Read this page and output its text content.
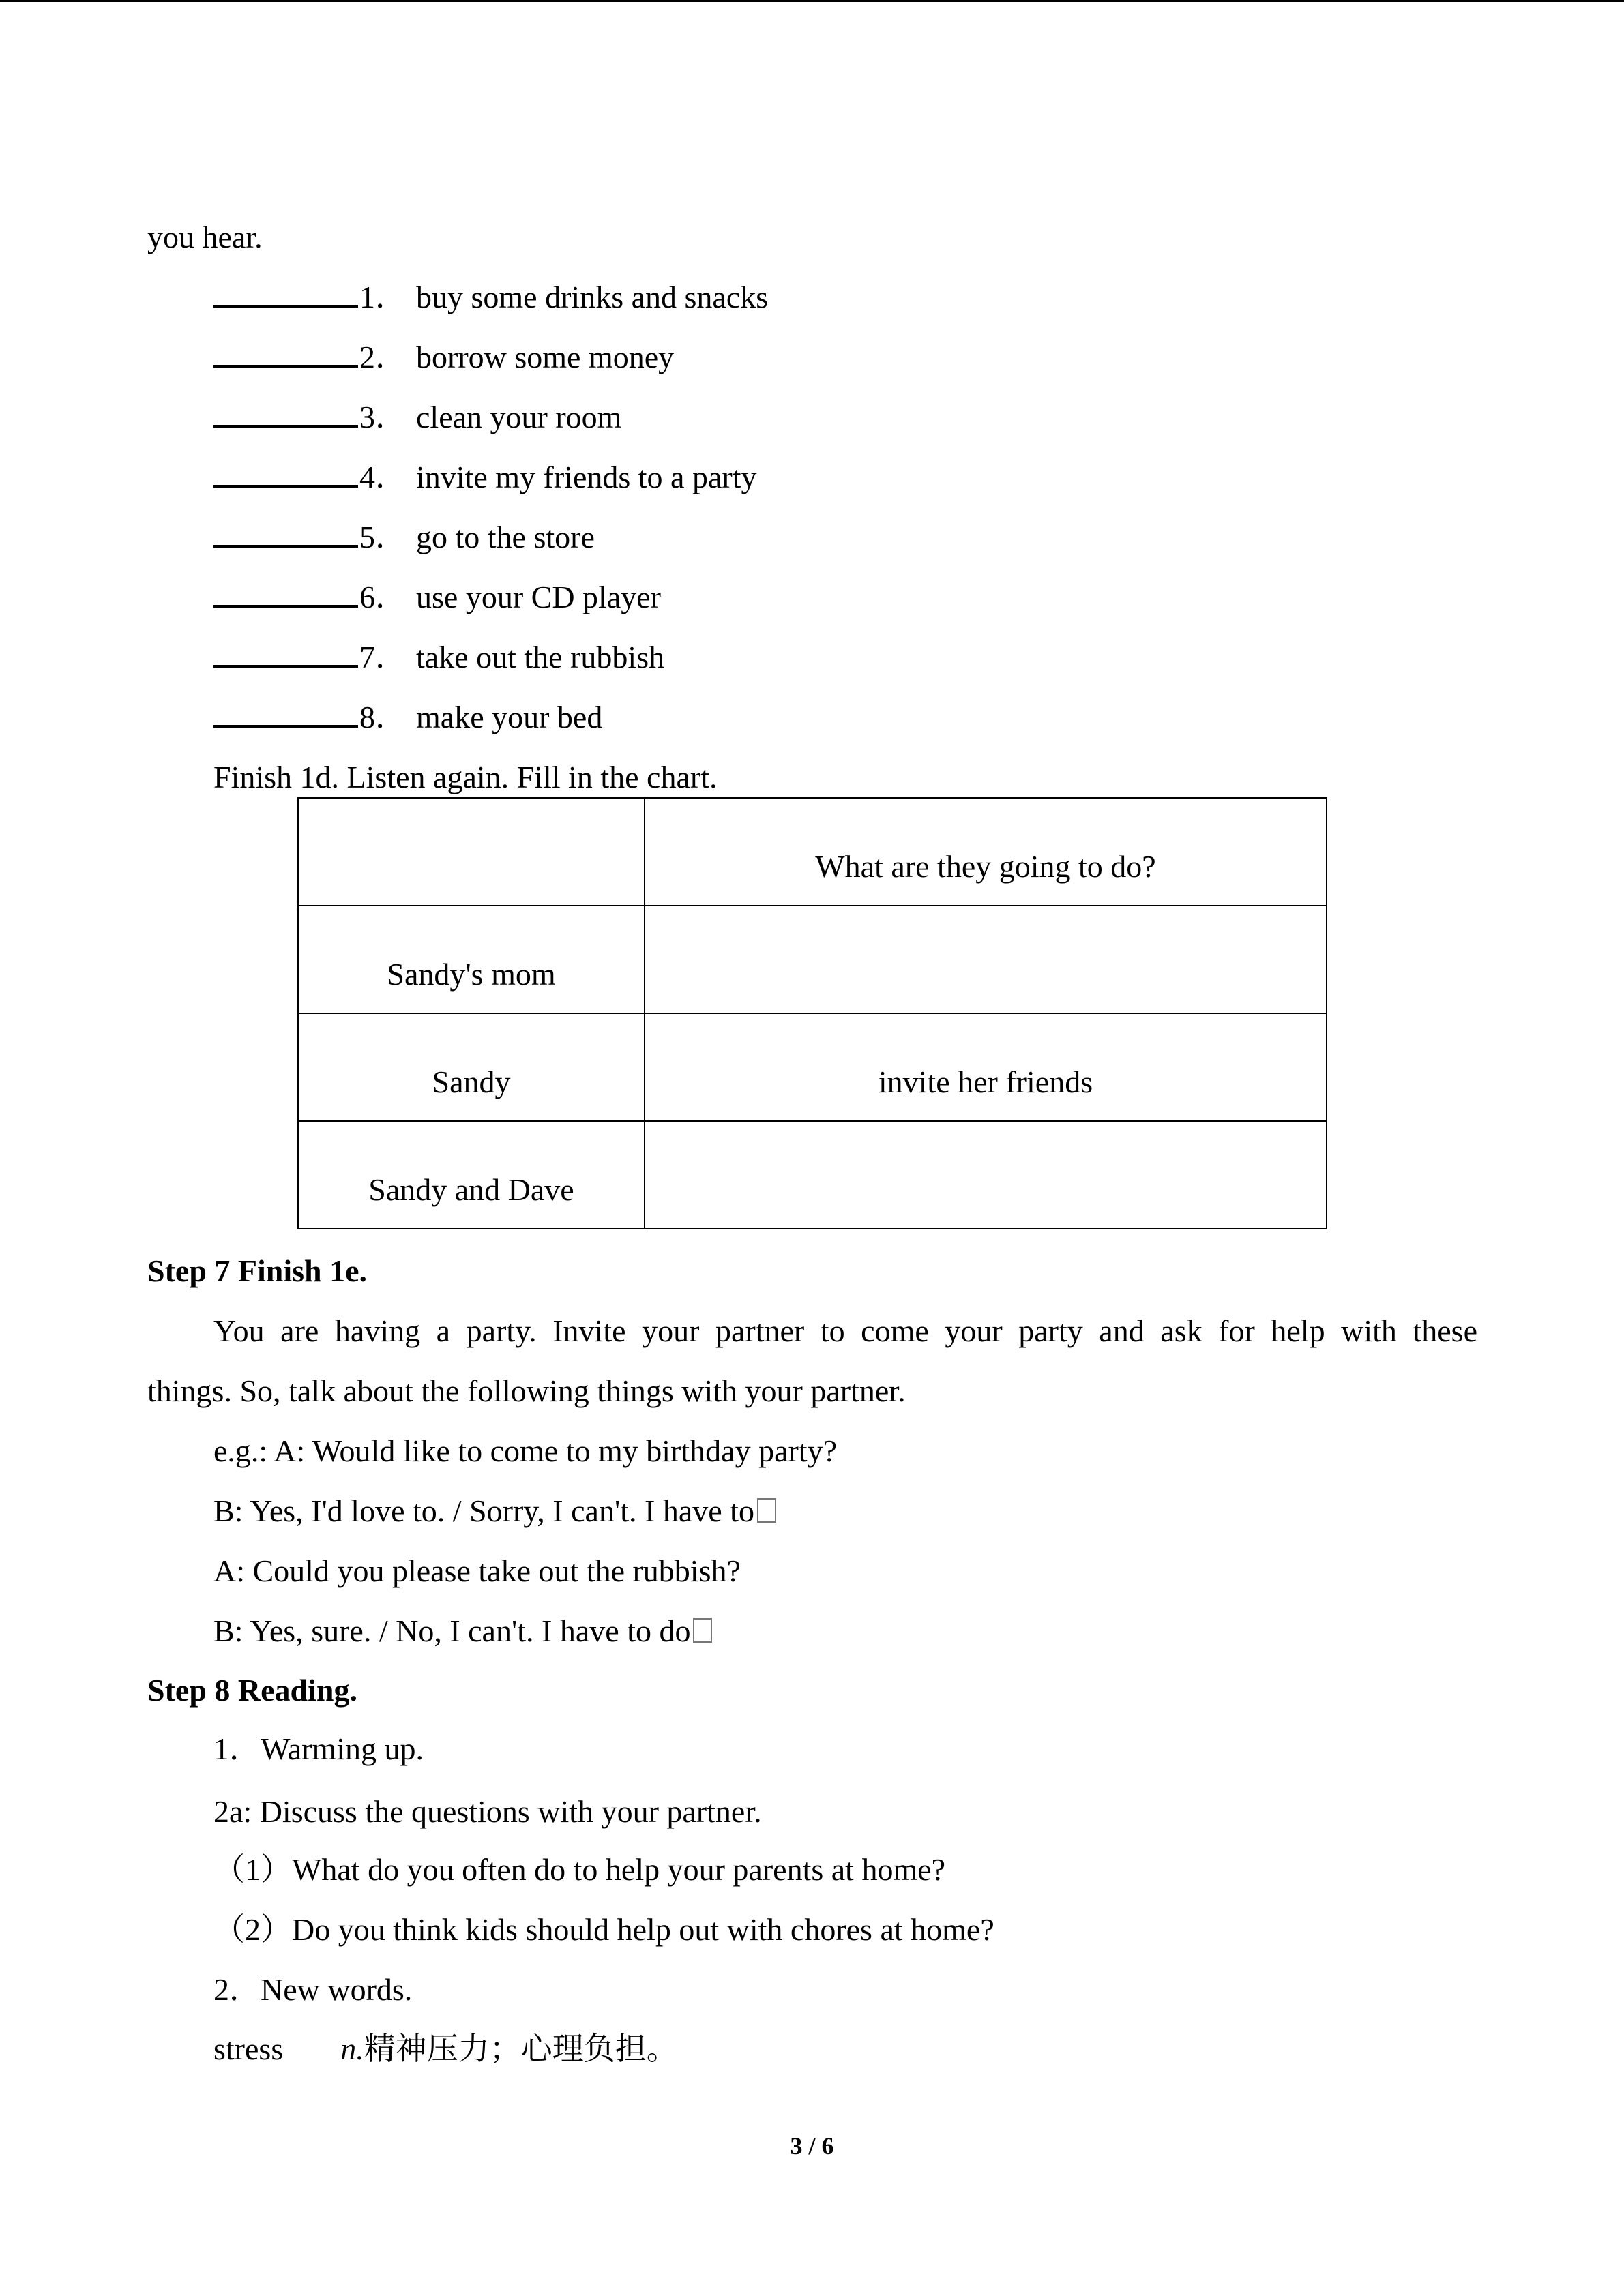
you hear.
1． buy some drinks and snacks
2． borrow some money
3． clean your room
4． invite my friends to a party
5． go to the store
6． use your CD player
7． take out the rubbish
8． make your bed
Finish 1d. Listen again. Fill in the chart.
	What are they going to do?
Sandy's mom	
Sandy	invite her friends
Sandy and Dave	
Step 7 Finish 1e.
You are having a party. Invite your partner to come your party and ask for help with these
things. So, talk about the following things with your partner.
e.g.: A: Would like to come to my birthday party?
B: Yes, I'd love to. / Sorry, I can't. I have to
A: Could you please take out the rubbish?
B: Yes, sure. / No, I can't. I have to do
Step 8 Reading.
1．Warming up.
2a: Discuss the questions with your partner.
（1）What do you often do to help your parents at home?
（2）Do you think kids should help out with chores at home?
2．New words.
stress n.精神压力；心理负担。
3 / 6
